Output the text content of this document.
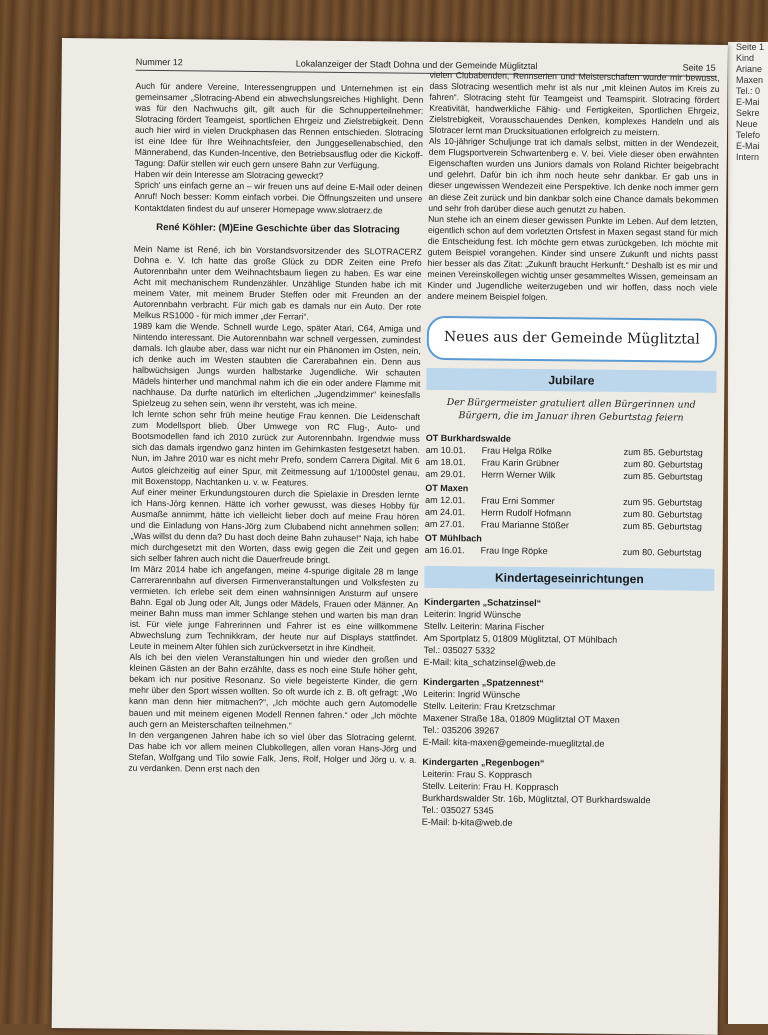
Seite 1
Kind
Ariane
Maxen
Tel.: 0
E-Mai
Sekre
Neue
Telefo
E-Mai
Intern
Nummer 12	Lokalanzeiger der Stadt Dohna und der Gemeinde Müglitztal	Seite 15

Auch für andere Vereine, Interessengruppen und Unternehmen ist ein gemeinsamer „Slotracing-Abend ein abwechslungsreiches Highlight. Denn was für den Nachwuchs gilt, gilt auch für die Schnupperteilnehmer: Slotracing fördert Teamgeist, sportlichen Ehrgeiz und Zielstrebigkeit. Denn auch hier wird in vielen Druckphasen das Rennen entschieden. Slotracing ist eine Idee für Ihre Weihnachtsfeier, den Junggesellenabschied, den Männerabend, das Kunden-Incentive, den Betriebsausflug oder die Kickoff-Tagung: Dafür stellen wir euch gern unsere Bahn zur Verfügung.

Haben wir dein Interesse am Slotracing geweckt?

Sprich' uns einfach gerne an – wir freuen uns auf deine E-Mail oder deinen Anruf! Noch besser: Komm einfach vorbei. Die Öffnungszeiten und unsere Kontaktdaten findest du auf unserer Homepage www.slotraerz.de

René Köhler: (M)Eine Geschichte über das Slotracing

Mein Name ist René, ich bin Vorstandsvorsitzender des SLOTRACERZ Dohna e. V. Ich hatte das große Glück zu DDR Zeiten eine Prefo Autorennbahn unter dem Weihnachtsbaum liegen zu haben. Es war eine Acht mit mechanischem Rundenzähler. Unzählige Stunden habe ich mit meinem Vater, mit meinem Bruder Steffen oder mit Freunden an der Autorennbahn verbracht. Für mich gab es damals nur ein Auto. Der rote Melkus RS1000 - für mich immer „der Ferrari“.

1989 kam die Wende. Schnell wurde Lego, später Atari, C64, Amiga und Nintendo interessant. Die Autorennbahn war schnell vergessen, zumindest damals. Ich glaube aber, dass war nicht nur ein Phänomen im Osten, nein, ich denke auch im Westen staubten die Carerabahnen ein. Denn aus halbwüchsigen Jungs wurden halbstarke Jugendliche. Wir schauten Mädels hinterher und manchmal nahm ich die ein oder andere Flamme mit nachhause. Da durfte natürlich im elterlichen „Jugendzimmer“ keinesfalls Spielzeug zu sehen sein, wenn ihr versteht, was ich meine.

Ich lernte schon sehr früh meine heutige Frau kennen. Die Leidenschaft zum Modellsport blieb. Über Umwege von RC Flug-, Auto- und Bootsmodellen fand ich 2010 zurück zur Autorennbahn. Irgendwie muss sich das damals irgendwo ganz hinten im Gehirnkasten festgesetzt haben. Nun, im Jahre 2010 war es nicht mehr Prefo, sondern Carrera Digital. Mit 6 Autos gleichzeitig auf einer Spur, mit Zeitmessung auf 1/1000stel genau, mit Boxenstopp, Nachtanken u. v. w. Features.

Auf einer meiner Erkundungstouren durch die Spielaxie in Dresden lernte ich Hans-Jörg kennen. Hätte ich vorher gewusst, was dieses Hobby für Ausmaße annimmt, hätte ich vielleicht lieber doch auf meine Frau hören und die Einladung von Hans-Jörg zum Clubabend nicht annehmen sollen: „Was willst du denn da? Du hast doch deine Bahn zuhause!“ Naja, ich habe mich durchgesetzt mit den Worten, dass ewig gegen die Zeit und gegen sich selber fahren auch nicht die Dauerfreude bringt.

Im März 2014 habe ich angefangen, meine 4-spurige digitale 28 m lange Carrerarennbahn auf diversen Firmenveranstaltungen und Volksfesten zu vermieten. Ich erlebe seit dem einen wahnsinnigen Ansturm auf unsere Bahn. Egal ob Jung oder Alt, Jungs oder Mädels, Frauen oder Männer. An meiner Bahn muss man immer Schlange stehen und warten bis man dran ist. Für viele junge Fahrerinnen und Fahrer ist es eine willkommene Abwechslung zum Technikkram, der heute nur auf Displays stattfindet. Leute in meinem Alter fühlen sich zurückversetzt in ihre Kindheit.

Als ich bei den vielen Veranstaltungen hin und wieder den großen und kleinen Gästen an der Bahn erzählte, dass es noch eine Stufe höher geht, bekam ich nur positive Resonanz. So viele begeisterte Kinder, die gern mehr über den Sport wissen wollten. So oft wurde ich z. B. oft gefragt: „Wo kann man denn hier mitmachen?“, „Ich möchte auch gern Automodelle bauen und mit meinem eigenen Modell Rennen fahren.“ oder „Ich möchte auch gern an Meisterschaften teilnehmen.“

In den vergangenen Jahren habe ich so viel über das Slotracing gelernt. Das habe ich vor allem meinen Clubkollegen, allen voran Hans-Jörg und Stefan, Wolfgang und Tilo sowie Falk, Jens, Rolf, Holger und Jörg u. v. a. zu verdanken. Denn erst nach den

vielen Clubabenden, Rennserien und Meisterschaften wurde mir bewusst, dass Slotracing wesentlich mehr ist als nur „mit kleinen Autos im Kreis zu fahren“. Slotracing steht für Teamgeist und Teamspirit. Slotracing fördert Kreativität, handwerkliche Fähig- und Fertigkeiten, Sportlichen Ehrgeiz, Zielstrebigkeit, Vorausschauendes Denken, komplexes Handeln und als Slotracer lernt man Drucksituationen erfolgreich zu meistern.

Als 10-jähriger Schuljunge trat ich damals selbst, mitten in der Wendezeit, dem Flugsportverein Schwartenberg e. V. bei. Viele dieser oben erwähnten Eigenschaften wurden uns Juniors damals von Roland Richter beigebracht und gelehrt. Dafür bin ich ihm noch heute sehr dankbar. Er gab uns in dieser ungewissen Wendezeit eine Perspektive. Ich denke noch immer gern an diese Zeit zurück und bin dankbar solch eine Chance damals bekommen und sehr froh darüber diese auch genutzt zu haben.

Nun stehe ich an einem dieser gewissen Punkte im Leben. Auf dem letzten, eigentlich schon auf dem vorletzten Ortsfest in Maxen segast stand für mich die Entscheidung fest. Ich möchte gern etwas zurückgeben. Ich möchte mit gutem Beispiel vorangehen. Kinder sind unsere Zukunft und nichts passt hier besser als das Zitat: „Zukunft braucht Herkunft.“ Deshalb ist es mir und meinen Vereinskollegen wichtig unser gesammeltes Wissen, gemeinsam an Kinder und Jugendliche weiterzugeben und wir hoffen, dass noch viele andere meinem Beispiel folgen.

Neues aus der Gemeinde Müglitztal
Jubilare
Der Bürgermeister gratuliert allen Bürgerinnen und Bürgern, die im Januar ihren Geburtstag feiern
OT Burkhardswalde
am 10.01.	Frau Helga Rölke	zum 85. Geburtstag
am 18.01.	Frau Karin Grübner	zum 80. Geburtstag
am 29.01.	Herrn Werner Wilk	zum 85. Geburtstag
OT Maxen
am 12.01.	Frau Erni Sommer	zum 95. Geburtstag
am 24.01.	Herrn Rudolf Hofmann	zum 80. Geburtstag
am 27.01.	Frau Marianne Stößer	zum 85. Geburtstag
OT Mühlbach
am 16.01.	Frau Inge Röpke	zum 80. Geburtstag
Kindertageseinrichtungen
Kindergarten „Schatzinsel“
Leiterin: Ingrid Wünsche
Stellv. Leiterin: Marina Fischer
Am Sportplatz 5, 01809 Müglitztal, OT Mühlbach
Tel.: 035027 5332
E-Mail: kita_schatzinsel@web.de
Kindergarten „Spatzennest“
Leiterin: Ingrid Wünsche
Stellv. Leiterin: Frau Kretzschmar
Maxener Straße 18a, 01809 Müglitztal OT Maxen
Tel.: 035206 39267
E-Mail: kita-maxen@gemeinde-mueglitztal.de
Kindergarten „Regenbogen“
Leiterin: Frau S. Kopprasch
Stellv. Leiterin: Frau H. Kopprasch
Burkhardswalder Str. 16b, Müglitztal, OT Burkhardswalde
Tel.: 035027 5345
E-Mail: b-kita@web.de
